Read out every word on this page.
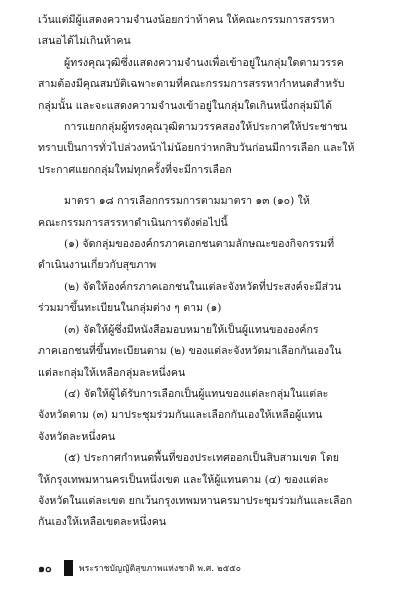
เว้นแต่มีผู้แสดงความจำนงน้อยกว่าห้าคน ให้คณะกรรมการสรรหา
เสนอได้ไม่เกินห้าคน

ผู้ทรงคุณวุฒิซึ่งแสดงความจำนงเพื่อเข้าอยู่ในกลุ่มใดตามวรรค
สามต้องมีคุณสมบัติเฉพาะตามที่คณะกรรมการสรรหากำหนดสำหรับ
กลุ่มนั้น และจะแสดงความจำนงเข้าอยู่ในกลุ่มใดเกินหนึ่งกลุ่มมิได้

การแยกกลุ่มผู้ทรงคุณวุฒิตามวรรคสองให้ประกาศให้ประชาชน
ทราบเป็นการทั่วไปล่วงหน้าไม่น้อยกว่าหกสิบวันก่อนมีการเลือก และให้
ประกาศแยกกลุ่มใหม่ทุกครั้งที่จะมีการเลือก

มาตรา ๑๘ การเลือกกรรมการตามมาตรา ๑๓ (๑๐) ให้
คณะกรรมการสรรหาดำเนินการดังต่อไปนี้

(๑) จัดกลุ่มขององค์กรภาคเอกชนตามลักษณะของกิจกรรมที่
ดำเนินงานเกี่ยวกับสุขภาพ

(๒) จัดให้องค์กรภาคเอกชนในแต่ละจังหวัดที่ประสงค์จะมีส่วน
ร่วมมาขึ้นทะเบียนในกลุ่มต่าง ๆ ตาม (๑)

(๓) จัดให้ผู้ซึ่งมีหนังสือมอบหมายให้เป็นผู้แทนขององค์กร
ภาคเอกชนที่ขึ้นทะเบียนตาม (๒) ของแต่ละจังหวัดมาเลือกกันเองใน
แต่ละกลุ่มให้เหลือกลุ่มละหนึ่งคน

(๔) จัดให้ผู้ได้รับการเลือกเป็นผู้แทนของแต่ละกลุ่มในแต่ละ
จังหวัดตาม (๓) มาประชุมร่วมกันและเลือกกันเองให้เหลือผู้แทน
จังหวัดละหนึ่งคน

(๕) ประกาศกำหนดพื้นที่ของประเทศออกเป็นสิบสามเขต โดย
ให้กรุงเทพมหานครเป็นหนึ่งเขต และให้ผู้แทนตาม (๔) ของแต่ละ
จังหวัดในแต่ละเขต ยกเว้นกรุงเทพมหานครมาประชุมร่วมกันและเลือก
กันเองให้เหลือเขตละหนึ่งคน

๑๐	พระราชบัญญัติสุขภาพแห่งชาติ พ.ศ. ๒๕๕๐
